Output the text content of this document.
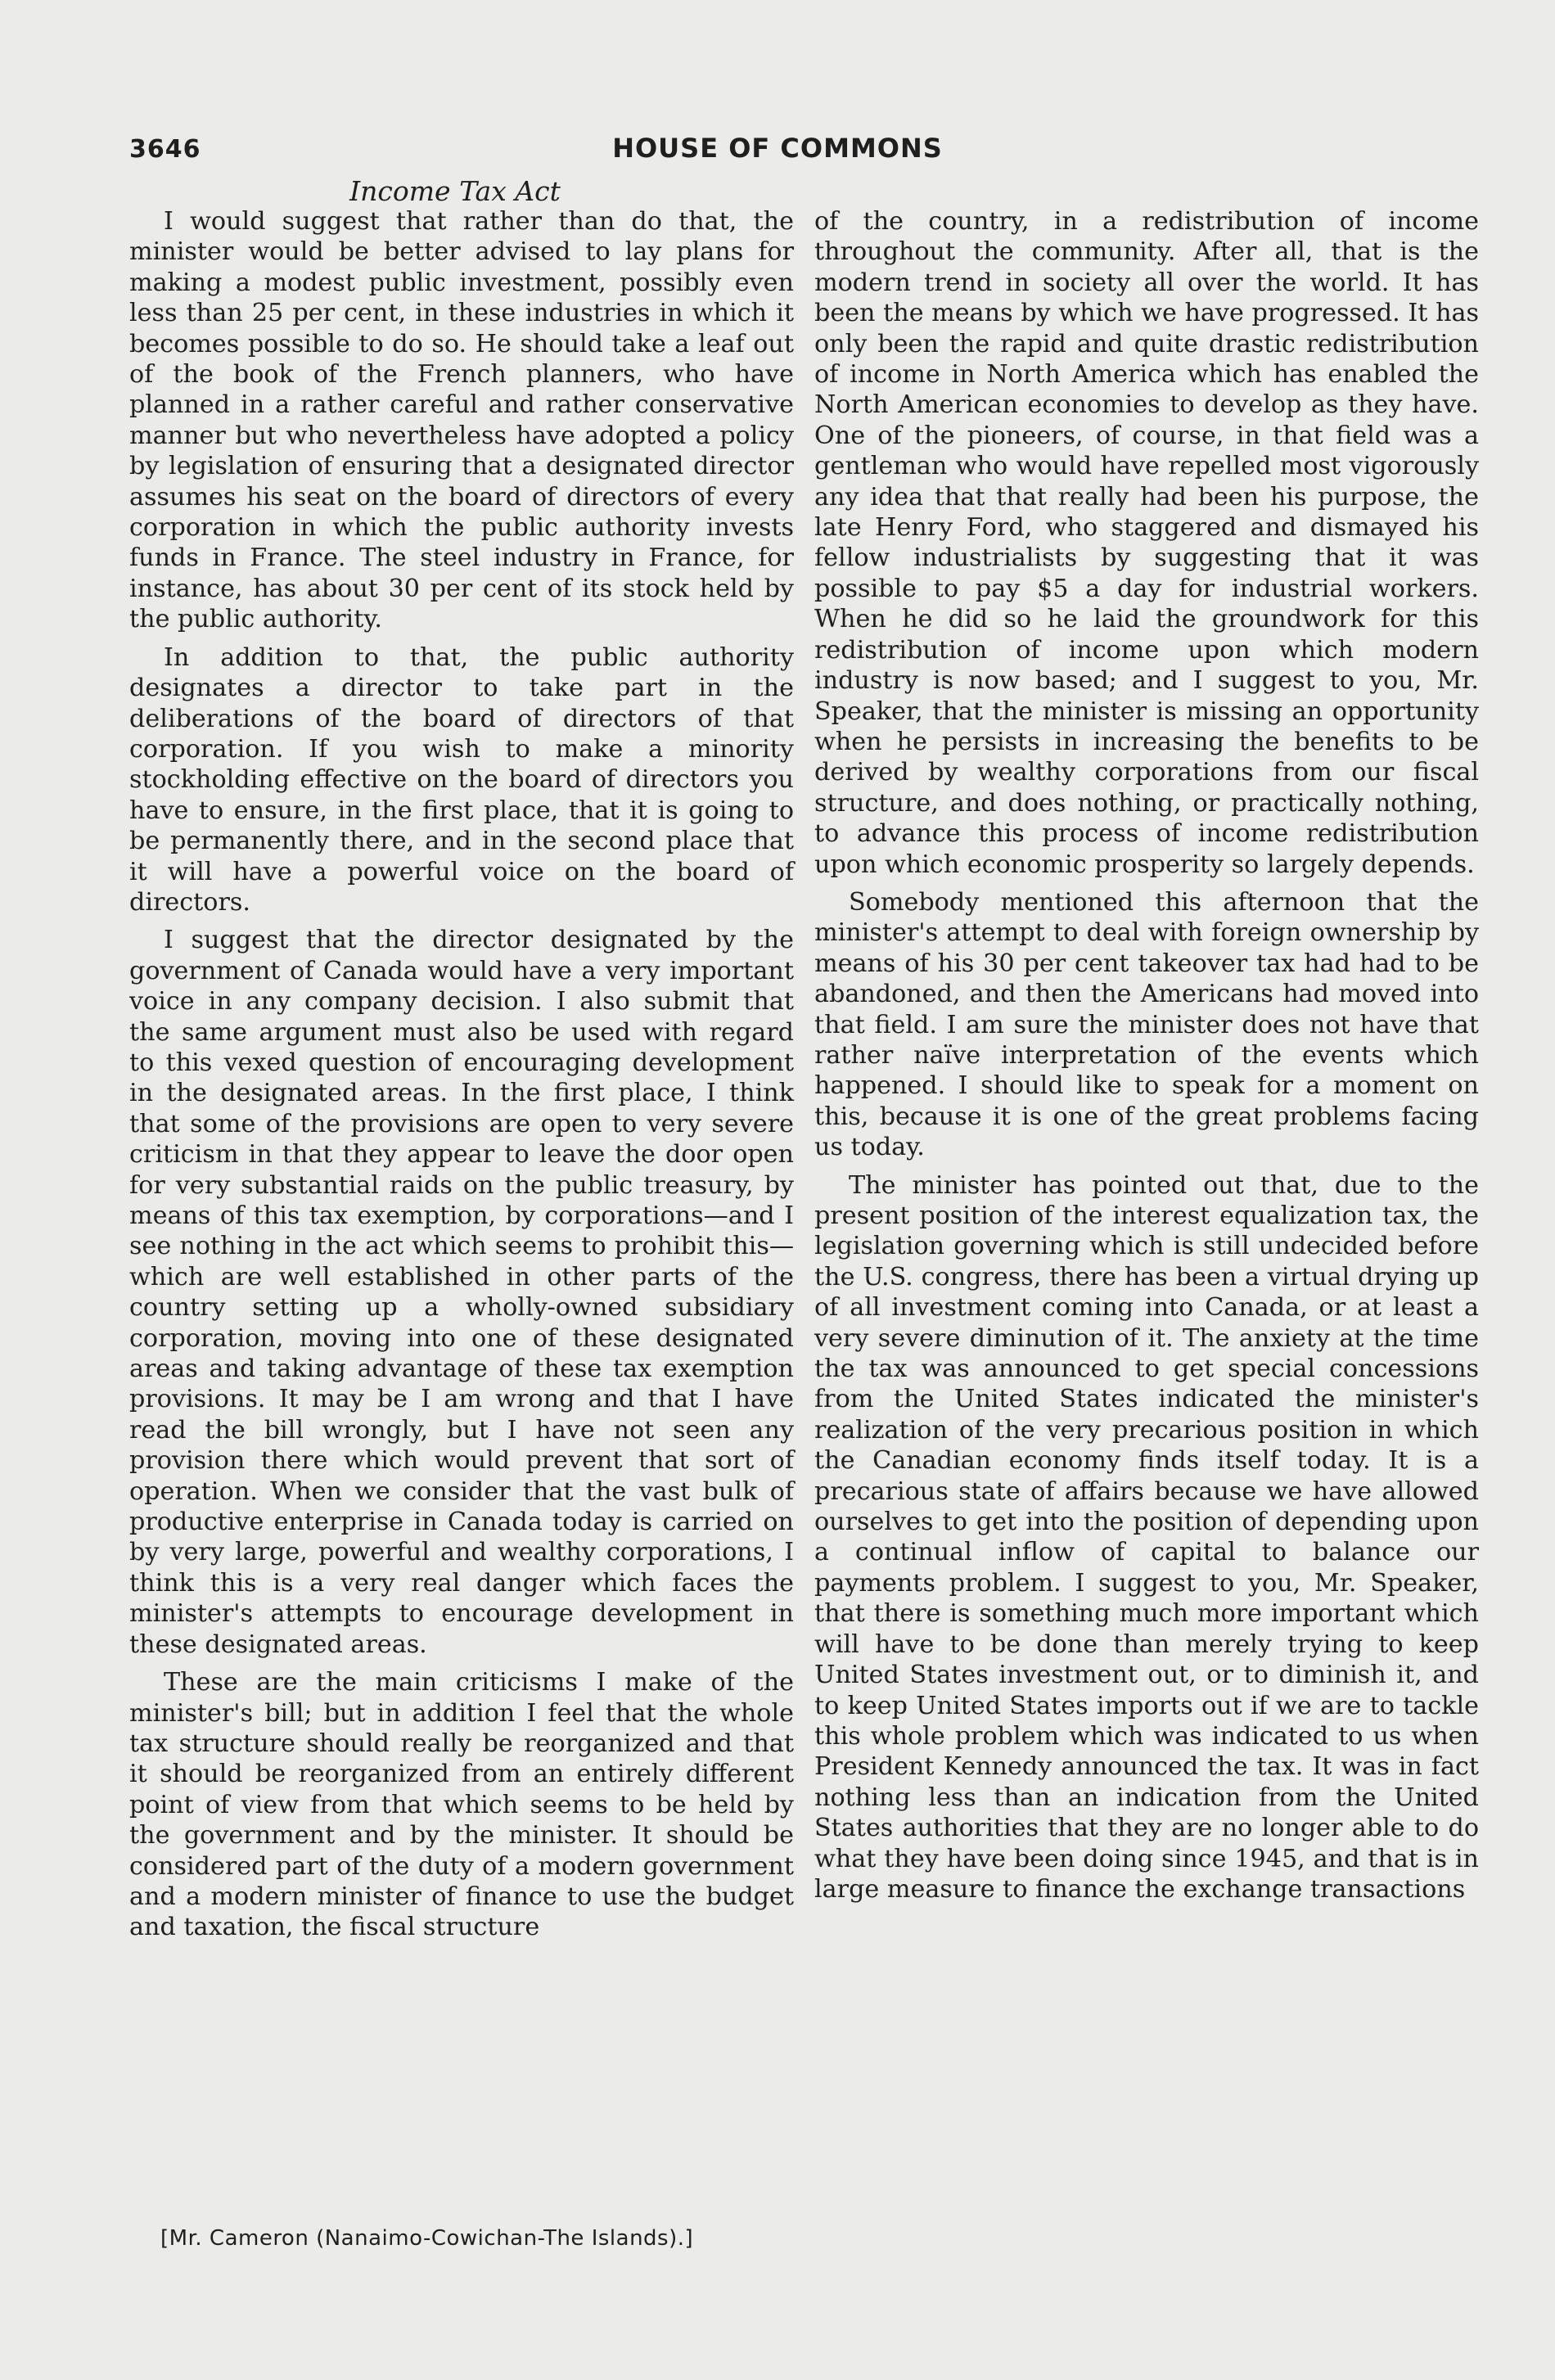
3646	HOUSE OF COMMONS
Income Tax Act

I would suggest that rather than do that, the minister would be better advised to lay plans for making a modest public investment, possibly even less than 25 per cent, in these industries in which it becomes possible to do so. He should take a leaf out of the book of the French planners, who have planned in a rather careful and rather conservative manner but who nevertheless have adopted a policy by legislation of ensuring that a designated director assumes his seat on the board of directors of every corporation in which the public authority invests funds in France. The steel industry in France, for instance, has about 30 per cent of its stock held by the public authority.

In addition to that, the public authority designates a director to take part in the deliberations of the board of directors of that corporation. If you wish to make a minority stockholding effective on the board of directors you have to ensure, in the first place, that it is going to be permanently there, and in the second place that it will have a powerful voice on the board of directors.

I suggest that the director designated by the government of Canada would have a very important voice in any company decision. I also submit that the same argument must also be used with regard to this vexed question of encouraging development in the designated areas. In the first place, I think that some of the provisions are open to very severe criticism in that they appear to leave the door open for very substantial raids on the public treasury, by means of this tax exemption, by corporations—and I see nothing in the act which seems to prohibit this—which are well established in other parts of the country setting up a wholly-owned subsidiary corporation, moving into one of these designated areas and taking advantage of these tax exemption provisions. It may be I am wrong and that I have read the bill wrongly, but I have not seen any provision there which would prevent that sort of operation. When we consider that the vast bulk of productive enterprise in Canada today is carried on by very large, powerful and wealthy corporations, I think this is a very real danger which faces the minister's attempts to encourage development in these designated areas.

These are the main criticisms I make of the minister's bill; but in addition I feel that the whole tax structure should really be reorganized and that it should be reorganized from an entirely different point of view from that which seems to be held by the government and by the minister. It should be considered part of the duty of a modern government and a modern minister of finance to use the budget and taxation, the fiscal structure

of the country, in a redistribution of income throughout the community. After all, that is the modern trend in society all over the world. It has been the means by which we have progressed. It has only been the rapid and quite drastic redistribution of income in North America which has enabled the North American economies to develop as they have. One of the pioneers, of course, in that field was a gentleman who would have repelled most vigorously any idea that that really had been his purpose, the late Henry Ford, who staggered and dismayed his fellow industrialists by suggesting that it was possible to pay $5 a day for industrial workers. When he did so he laid the groundwork for this redistribution of income upon which modern industry is now based; and I suggest to you, Mr. Speaker, that the minister is missing an opportunity when he persists in increasing the benefits to be derived by wealthy corporations from our fiscal structure, and does nothing, or practically nothing, to advance this process of income redistribution upon which economic prosperity so largely depends.

Somebody mentioned this afternoon that the minister's attempt to deal with foreign ownership by means of his 30 per cent takeover tax had had to be abandoned, and then the Americans had moved into that field. I am sure the minister does not have that rather naïve interpretation of the events which happened. I should like to speak for a moment on this, because it is one of the great problems facing us today.

The minister has pointed out that, due to the present position of the interest equalization tax, the legislation governing which is still undecided before the U.S. congress, there has been a virtual drying up of all investment coming into Canada, or at least a very severe diminution of it. The anxiety at the time the tax was announced to get special concessions from the United States indicated the minister's realization of the very precarious position in which the Canadian economy finds itself today. It is a precarious state of affairs because we have allowed ourselves to get into the position of depending upon a continual inflow of capital to balance our payments problem. I suggest to you, Mr. Speaker, that there is something much more important which will have to be done than merely trying to keep United States investment out, or to diminish it, and to keep United States imports out if we are to tackle this whole problem which was indicated to us when President Kennedy announced the tax. It was in fact nothing less than an indication from the United States authorities that they are no longer able to do what they have been doing since 1945, and that is in large measure to finance the exchange transactions

[Mr. Cameron (Nanaimo-Cowichan-The Islands).]
